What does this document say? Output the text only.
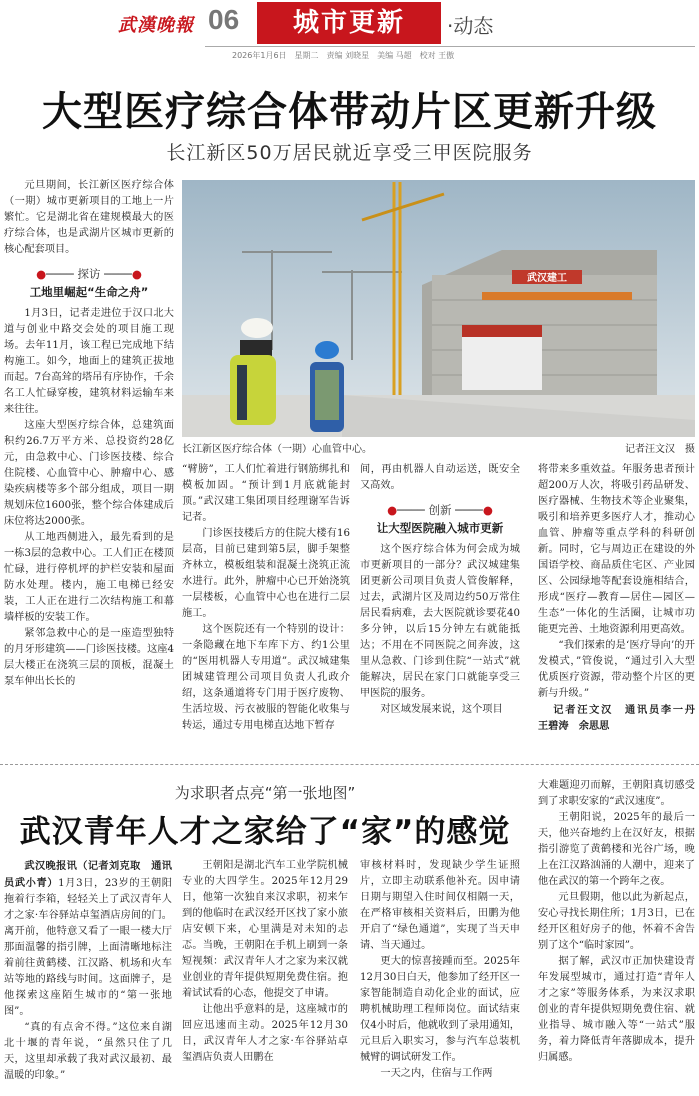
武漢晚報 06	城市更新	·动态
2026年1月6日　星期二　责编 刘晓星　美编 马超　校对 王傲
大型医疗综合体带动片区更新升级
长江新区50万居民就近享受三甲医院服务

元旦期间，长江新区医疗综合体（一期）城市更新项目的工地上一片繁忙。它是湖北省在建规模最大的医疗综合体，也是武湖片区城市更新的核心配套项目。

●──── 探访 ────●
工地里崛起“生命之舟”

1月3日，记者走进位于汉口北大道与创业中路交会处的项目施工现场。去年11月，该工程已完成地下结构施工。如今，地面上的建筑正拔地而起。7台高耸的塔吊有序协作，千余名工人忙碌穿梭，建筑材料运输车来来往往。

这座大型医疗综合体，总建筑面积约26.7万平方米、总投资约28亿元，由急救中心、门诊医技楼、综合住院楼、心血管中心、肿瘤中心、感染疾病楼等多个部分组成，项目一期规划床位1600张，整个综合体建成后床位将达2000张。

从工地西侧进入，最先看到的是一栋3层的急救中心。工人们正在楼顶忙碌，进行停机坪的护栏安装和屋面防水处理。楼内，施工电梯已经安装，工人正在进行二次结构施工和幕墙样板的安装工作。

紧邻急救中心的是一座造型独特的月牙形建筑——门诊医技楼。这座4层大楼正在浇筑三层的顶板，混凝土泵车伸出长长的

武汉建工
长江新区医疗综合体（一期）心血管中心。	记者汪文汉　摄

“臂膀”，工人们忙着进行钢筋绑扎和模板加固。“预计到1月底就能封顶。”武汉建工集团项目经理谢军告诉记者。

门诊医技楼后方的住院大楼有16层高，目前已建到第5层，脚手架整齐林立，模板组装和混凝土浇筑正流水进行。此外，肿瘤中心已开始浇筑一层楼板，心血管中心也在进行二层施工。

这个医院还有一个特别的设计：一条隐藏在地下车库下方、约1公里的“医用机器人专用道”。武汉城建集团城建管理公司项目负责人孔政介绍，这条通道将专门用于医疗废物、生活垃圾、污衣被服的智能化收集与转运，通过专用电梯直达地下暂存

间，再由机器人自动运送，既安全又高效。

●──── 创新 ────●
让大型医院融入城市更新

这个医疗综合体为何会成为城市更新项目的一部分？武汉城建集团更新公司项目负责人管俊解释，过去，武湖片区及周边约50万常住居民看病难，去大医院就诊要花40多分钟，以后15分钟左右就能抵达；不用在不同医院之间奔波，这里从急救、门诊到住院“一站式”就能解决，居民在家门口就能享受三甲医院的服务。

对区域发展来说，这个项目

将带来多重效益。年服务患者预计超200万人次，将吸引药品研发、医疗器械、生物技术等企业聚集，吸引和培养更多医疗人才，推动心血管、肿瘤等重点学科的科研创新。同时，它与周边正在建设的外国语学校、商品质住宅区、产业园区、公园绿地等配套设施相结合，形成“医疗—教育—居住—园区—生态”一体化的生活圈，让城市功能更完善、土地资源利用更高效。

“我们探索的是‘医疗导向’的开发模式，”管俊说，“通过引入大型优质医疗资源，带动整个片区的更新与升级。”

记者汪文汉　通讯员李一丹　王碧涛　余思思

为求职者点亮“第一张地图”
武汉青年人才之家给了“家”的感觉

武汉晚报讯（记者刘克取　通讯员武小青）1月3日，23岁的王朝阳拖着行李箱，轻轻关上了武汉青年人才之家·车谷驿站卓玺酒店房间的门。离开前，他特意又看了一眼一楼大厅那面温馨的指引牌，上面清晰地标注着前往黄鹤楼、江汉路、机场和火车站等地的路线与时间。这面牌子，是他探索这座陌生城市的“第一张地图”。

“真的有点舍不得。”这位来自湖北十堰的青年说，“虽然只住了几天，这里却承载了我对武汉最初、最温暖的印象。”

王朝阳是湖北汽车工业学院机械专业的大四学生。2025年12月29日，他第一次独自来汉求职，初来乍到的他临时在武汉经开区找了家小旅店安顿下来，心里满是对未知的忐忑。当晚，王朝阳在手机上刷到一条短视频：武汉青年人才之家为来汉就业创业的青年提供短期免费住宿。抱着试试看的心态，他提交了申请。

让他出乎意料的是，这座城市的回应迅速而主动。2025年12月30日，武汉青年人才之家·车谷驿站卓玺酒店负责人田鹏在

审核材料时，发现缺少学生证照片，立即主动联系他补充。因申请日期与期望入住时间仅相隔一天，在严格审核相关资料后，田鹏为他开启了“绿色通道”，实现了当天申请、当天通过。

更大的惊喜接踵而至。2025年12月30日白天，他参加了经开区一家智能制造自动化企业的面试，应聘机械助理工程师岗位。面试结束仅4小时后，他就收到了录用通知，元旦后入职实习，参与汽车总装机械臂的调试研发工作。

一天之内，住宿与工作两

大难题迎刃而解，王朝阳真切感受到了求职安家的“武汉速度”。

王朝阳说，2025年的最后一天，他兴奋地约上在汉好友，根据指引游览了黄鹤楼和光谷广场，晚上在江汉路汹涌的人潮中，迎来了他在武汉的第一个跨年之夜。

元旦假期，他以此为新起点，安心寻找长期住所；1月3日，已在经开区租好房子的他，怀着不舍告别了这个“临时家园”。

据了解，武汉市正加快建设青年发展型城市，通过打造“青年人才之家”等服务体系，为来汉求职创业的青年提供短期免费住宿、就业指导、城市融入等“一站式”服务，着力降低青年落脚成本，提升归属感。
